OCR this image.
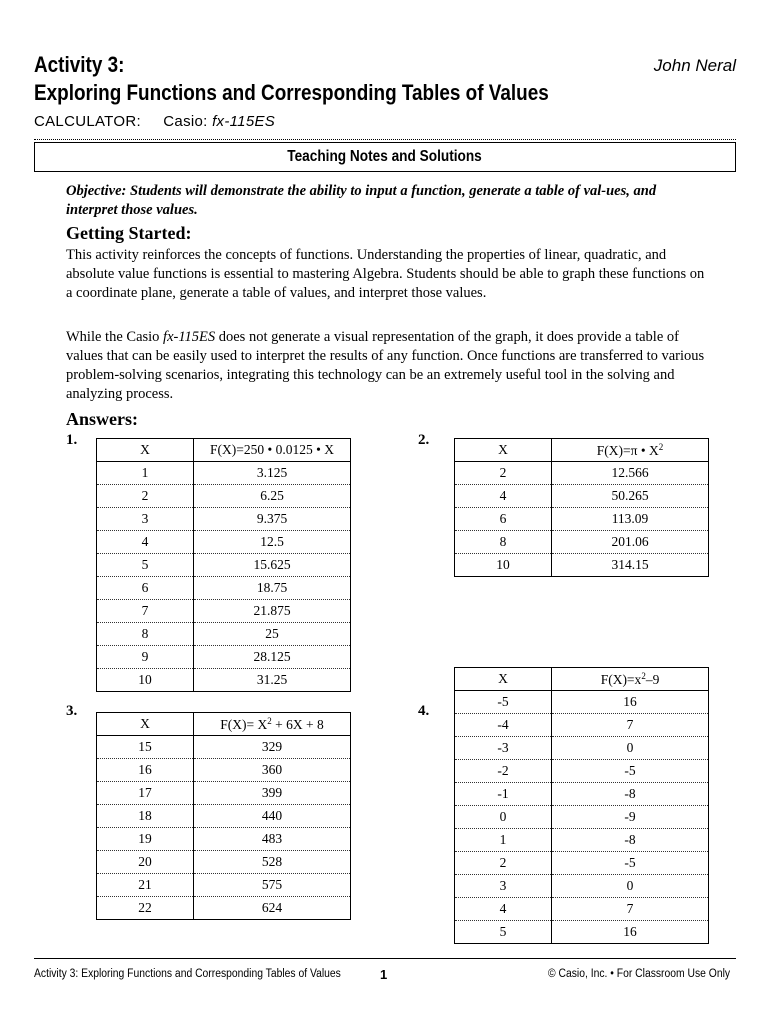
Activity 3:
Exploring Functions and Corresponding Tables of Values
John Neral
CALCULATOR: Casio: fx-115ES
Teaching Notes and Solutions
Objective: Students will demonstrate the ability to input a function, generate a table of val-ues, and interpret those values.
Getting Started:
This activity reinforces the concepts of functions. Understanding the properties of linear, quadratic, and absolute value functions is essential to mastering Algebra. Students should be able to graph these functions on a coordinate plane, generate a table of values, and interpret those values.
While the Casio fx-115ES does not generate a visual representation of the graph, it does provide a table of values that can be easily used to interpret the results of any function. Once functions are transferred to various problem-solving scenarios, integrating this technology can be an extremely useful tool in the solving and analyzing process.
Answers:
1.
X	F(X)=250 • 0.0125 • X
1	3.125
2	6.25
3	9.375
4	12.5
5	15.625
6	18.75
7	21.875
8	25
9	28.125
10	31.25
2.
X	F(X)=π • $X^2$
2	12.566
4	50.265
6	113.09
8	201.06
10	314.15
3.
X	$F(X)= X^2 + 6X + 8$
15	329
16	360
17	399
18	440
19	483
20	528
21	575
22	624
4.
X	$F(X)=x^2-9$
-5	16
-4	7
-3	0
-2	-5
-1	-8
0	-9
1	-8
2	-5
3	0
4	7
5	16
Activity 3: Exploring Functions and Corresponding Tables of Values	1	© Casio, Inc. • For Classroom Use Only
